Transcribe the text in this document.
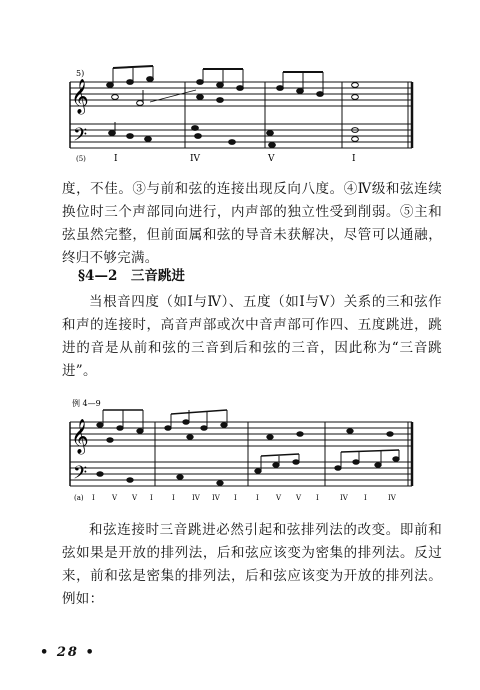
5)
𝄞
𝄢
(5)	I	IV	V	I

度，不佳。③与前和弦的连接出现反向八度。④Ⅳ级和弦连续换位时三个声部同向进行，内声部的独立性受到削弱。⑤主和弦虽然完整，但前面属和弦的导音未获解决，尽管可以通融，终归不够完满。

§4—2　三音跳进

当根音四度（如Ⅰ与Ⅳ）、五度（如Ⅰ与Ⅴ）关系的三和弦作和声的连接时，高音声部或次中音声部可作四、五度跳进，跳进的音是从前和弦的三音到后和弦的三音，因此称为“三音跳进”。

例 4—9
𝄞
𝄢
(a) I V V I	I IV IV I	I V V I	IV I	IV

和弦连接时三音跳进必然引起和弦排列法的改变。即前和弦如果是开放的排列法，后和弦应该变为密集的排列法。反过来，前和弦是密集的排列法，后和弦应该变为开放的排列法。例如：

• 28 •
